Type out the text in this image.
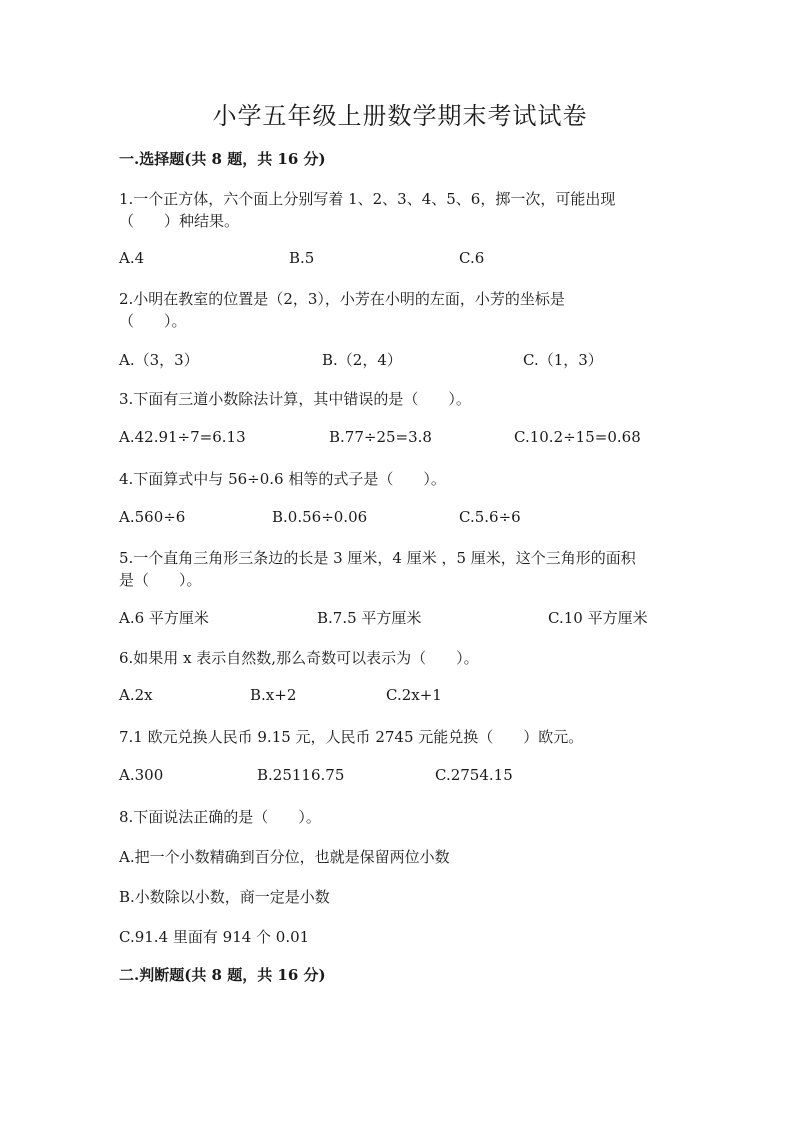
小学五年级上册数学期末考试试卷
一.选择题(共 8 题，共 16 分)
1.一个正方体，六个面上分别写着 1、2、3、4、5、6，掷一次，可能出现
（　　）种结果。
A.4	B.5	C.6
2.小明在教室的位置是（2，3），小芳在小明的左面，小芳的坐标是
（　　）。
A.（3，3）	B.（2，4）	C.（1，3）
3.下面有三道小数除法计算，其中错误的是（　　）。
A.42.91÷7=6.13	B.77÷25=3.8	C.10.2÷15=0.68
4.下面算式中与 56÷0.6 相等的式子是（　　）。
A.560÷6	B.0.56÷0.06	C.5.6÷6
5.一个直角三角形三条边的长是 3 厘米，4 厘米 ，5 厘米，这个三角形的面积
是（　　）。
A.6 平方厘米	B.7.5 平方厘米	C.10 平方厘米
6.如果用 x 表示自然数,那么奇数可以表示为（　　）。
A.2x	B.x+2	C.2x+1
7.1 欧元兑换人民币 9.15 元，人民币 2745 元能兑换（　　）欧元。
A.300	B.25116.75	C.2754.15
8.下面说法正确的是（　　）。
A.把一个小数精确到百分位，也就是保留两位小数
B.小数除以小数，商一定是小数
C.91.4 里面有 914 个 0.01
二.判断题(共 8 题，共 16 分)
